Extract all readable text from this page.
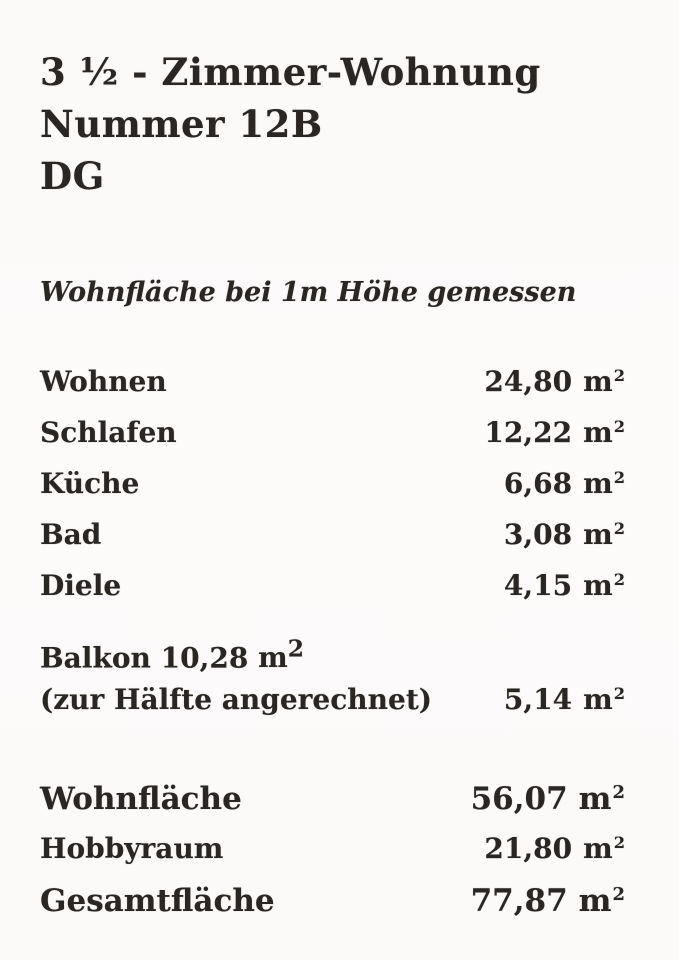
3 ½ - Zimmer-Wohnung
Nummer 12B
DG

Wohnfläche bei 1m Höhe gemessen

Wohnen	24,80 $m^2$
Schlafen	12,22 $m^2$
Küche	6,68 $m^2$
Bad	3,08 $m^2$
Diele	4,15 $m^2$
Balkon 10,28 $m^2$
(zur Hälfte angerechnet)	5,14 $m^2$
Wohnfläche	56,07 $m^2$
Hobbyraum	21,80 $m^2$
Gesamtfläche	77,87 $m^2$
